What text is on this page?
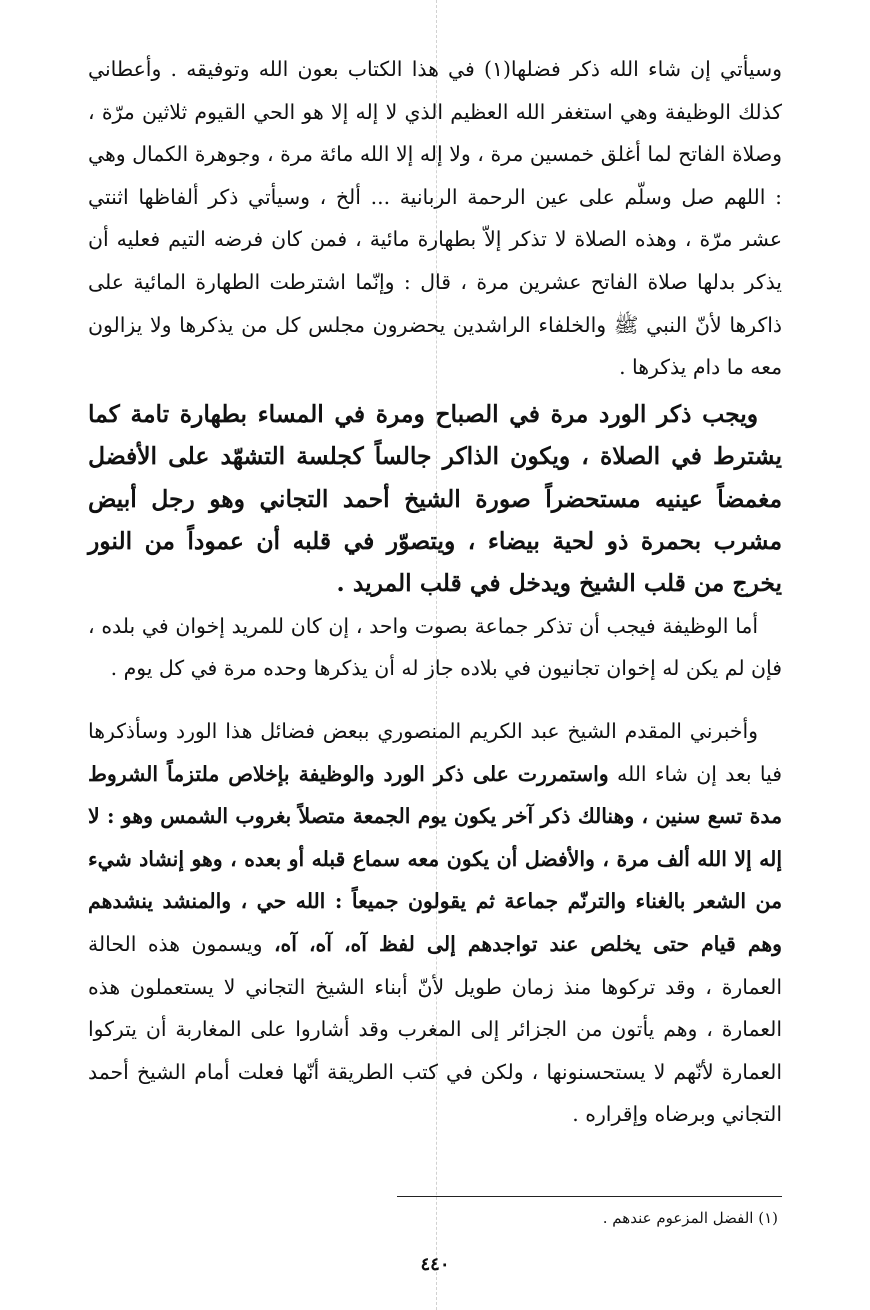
وسيأتي إن شاء الله ذكر فضلها(١) في هذا الكتاب بعون الله وتوفيقه . وأعطاني كذلك الوظيفة وهي استغفر الله العظيم الذي لا إله إلا هو الحي القيوم ثلاثين مرّة ، وصلاة الفاتح لما أغلق خمسين مرة ، ولا إله إلا الله مائة مرة ، وجوهرة الكمال وهي : اللهم صل وسلّم على عين الرحمة الربانية ... ألخ ، وسيأتي ذكر ألفاظها اثنتي عشر مرّة ، وهذه الصلاة لا تذكر إلاّ بطهارة مائية ، فمن كان فرضه التيم فعليه أن يذكر بدلها صلاة الفاتح عشرين مرة ، قال : وإنّما اشترطت الطهارة المائية على ذاكرها لأنّ النبي ﷺ والخلفاء الراشدين يحضرون مجلس كل من يذكرها ولا يزالون معه ما دام يذكرها .

ويجب ذكر الورد مرة في الصباح ومرة في المساء بطهارة تامة كما يشترط في الصلاة ، ويكون الذاكر جالساً كجلسة التشهّد على الأفضل مغمضاً عينيه مستحضراً صورة الشيخ أحمد التجاني وهو رجل أبيض مشرب بحمرة ذو لحية بيضاء ، ويتصوّر في قلبه أن عموداً من النور يخرج من قلب الشيخ ويدخل في قلب المريد .

أما الوظيفة فيجب أن تذكر جماعة بصوت واحد ، إن كان للمريد إخوان في بلده ، فإن لم يكن له إخوان تجانيون في بلاده جاز له أن يذكرها وحده مرة في كل يوم .

وأخبرني المقدم الشيخ عبد الكريم المنصوري ببعض فضائل هذا الورد وسأذكرها فيا بعد إن شاء الله واستمررت على ذكر الورد والوظيفة بإخلاص ملتزماً الشروط مدة تسع سنين ، وهنالك ذكر آخر يكون يوم الجمعة متصلاً بغروب الشمس وهو : لا إله إلا الله ألف مرة ، والأفضل أن يكون معه سماع قبله أو بعده ، وهو إنشاد شيء من الشعر بالغناء والترنّم جماعة ثم يقولون جميعاً : الله حي ، والمنشد ينشدهم وهم قيام حتى يخلص عند تواجدهم إلى لفظ آه، آه، آه، ويسمون هذه الحالة العمارة ، وقد تركوها منذ زمان طويل لأنّ أبناء الشيخ التجاني لا يستعملون هذه العمارة ، وهم يأتون من الجزائر إلى المغرب وقد أشاروا على المغاربة أن يتركوا العمارة لأنّهم لا يستحسنونها ، ولكن في كتب الطريقة أنّها فعلت أمام الشيخ أحمد التجاني وبرضاه وإقراره .

(١) الفضل المزعوم عندهم .
٤٤٠
